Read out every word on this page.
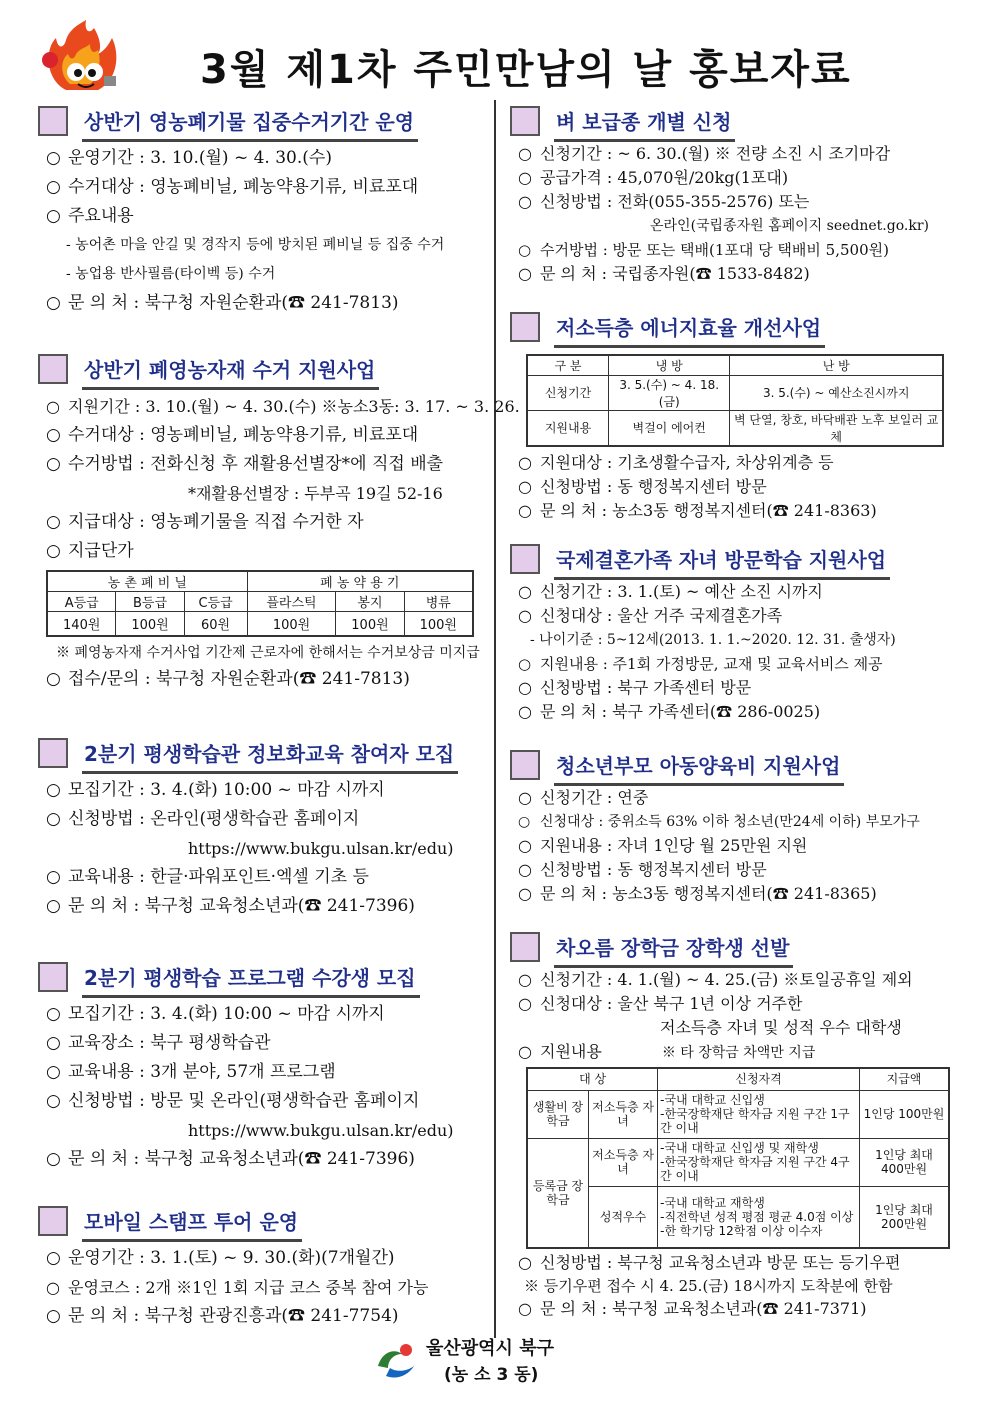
3월 제1차 주민만남의 날 홍보자료
상반기 영농폐기물 집중수거기간 운영
○ 운영기간 : 3. 10.(월) ~ 4. 30.(수)
○ 수거대상 : 영농폐비닐, 폐농약용기류, 비료포대
○ 주요내용
- 농어촌 마을 안길 및 경작지 등에 방치된 폐비닐 등 집중 수거
- 농업용 반사필름(타이벡 등) 수거
○ 문 의 처 : 북구청 자원순환과(☎ 241-7813)
상반기 폐영농자재 수거 지원사업
○ 지원기간 : 3. 10.(월) ~ 4. 30.(수) ※농소3동: 3. 17. ~ 3. 26.
○ 수거대상 : 영농폐비닐, 폐농약용기류, 비료포대
○ 수거방법 : 전화신청 후 재활용선별장*에 직접 배출
*재활용선별장 : 두부곡 19길 52-16
○ 지급대상 : 영농폐기물을 직접 수거한 자
○ 지급단가
농 촌 폐 비 닐			폐 농 약 용 기		
A등급	B등급	C등급	플라스틱	봉지	병류
140원	100원	60원	100원	100원	100원
※ 폐영농자재 수거사업 기간제 근로자에 한해서는 수거보상금 미지급
○ 접수/문의 : 북구청 자원순환과(☎ 241-7813)
2분기 평생학습관 정보화교육 참여자 모집
○ 모집기간 : 3. 4.(화) 10:00 ~ 마감 시까지
○ 신청방법 : 온라인(평생학습관 홈페이지
https://www.bukgu.ulsan.kr/edu)
○ 교육내용 : 한글·파워포인트·엑셀 기초 등
○ 문 의 처 : 북구청 교육청소년과(☎ 241-7396)
2분기 평생학습 프로그램 수강생 모집
○ 모집기간 : 3. 4.(화) 10:00 ~ 마감 시까지
○ 교육장소 : 북구 평생학습관
○ 교육내용 : 3개 분야, 57개 프로그램
○ 신청방법 : 방문 및 온라인(평생학습관 홈페이지
https://www.bukgu.ulsan.kr/edu)
○ 문 의 처 : 북구청 교육청소년과(☎ 241-7396)
모바일 스탬프 투어 운영
○ 운영기간 : 3. 1.(토) ~ 9. 30.(화)(7개월간)
○ 운영코스 : 2개 ※1인 1회 지급 코스 중복 참여 가능
○ 문 의 처 : 북구청 관광진흥과(☎ 241-7754)
벼 보급종 개별 신청
○ 신청기간 : ~ 6. 30.(월) ※ 전량 소진 시 조기마감
○ 공급가격 : 45,070원/20kg(1포대)
○ 신청방법 : 전화(055-355-2576) 또는
온라인(국립종자원 홈페이지 seednet.go.kr)
○ 수거방법 : 방문 또는 택배(1포대 당 택배비 5,500원)
○ 문 의 처 : 국립종자원(☎ 1533-8482)
저소득층 에너지효율 개선사업
구 분	냉 방	난 방
신청기간	3. 5.(수) ~ 4. 18.(금)	3. 5.(수) ~ 예산소진시까지
지원내용	벽걸이 에어컨	벽 단열, 창호, 바닥배관 노후 보일러 교체
○ 지원대상 : 기초생활수급자, 차상위계층 등
○ 신청방법 : 동 행정복지센터 방문
○ 문 의 처 : 농소3동 행정복지센터(☎ 241-8363)
국제결혼가족 자녀 방문학습 지원사업
○ 신청기간 : 3. 1.(토) ~ 예산 소진 시까지
○ 신청대상 : 울산 거주 국제결혼가족
- 나이기준 : 5~12세(2013. 1. 1.~2020. 12. 31. 출생자)
○ 지원내용 : 주1회 가정방문, 교재 및 교육서비스 제공
○ 신청방법 : 북구 가족센터 방문
○ 문 의 처 : 북구 가족센터(☎ 286-0025)
청소년부모 아동양육비 지원사업
○ 신청기간 : 연중
○ 신청대상 : 중위소득 63% 이하 청소년(만24세 이하) 부모가구
○ 지원내용 : 자녀 1인당 월 25만원 지원
○ 신청방법 : 동 행정복지센터 방문
○ 문 의 처 : 농소3동 행정복지센터(☎ 241-8365)
차오름 장학금 장학생 선발
○ 신청기간 : 4. 1.(월) ~ 4. 25.(금) ※토일공휴일 제외
○ 신청대상 : 울산 북구 1년 이상 거주한
저소득층 자녀 및 성적 우수 대학생
○ 지원내용	※ 타 장학금 차액만 지급
대 상		신청자격	지급액
생활비 장학금	저소득층 자녀	-국내 대학교 신입생
-한국장학재단 학자금 지원 구간 1구간 이내	1인당 100만원
등록금 장학금	저소득층 자녀	-국내 대학교 신입생 및 재학생
-한국장학재단 학자금 지원 구간 4구간 이내	1인당 최대 400만원
	성적우수	-국내 대학교 재학생
-직전학년 성적 평점 평균 4.0점 이상
-한 학기당 12학점 이상 이수자	1인당 최대 200만원
○ 신청방법 : 북구청 교육청소년과 방문 또는 등기우편
※ 등기우편 접수 시 4. 25.(금) 18시까지 도착분에 한함
○ 문 의 처 : 북구청 교육청소년과(☎ 241-7371)
울산광역시 북구
(농 소 3 동)
